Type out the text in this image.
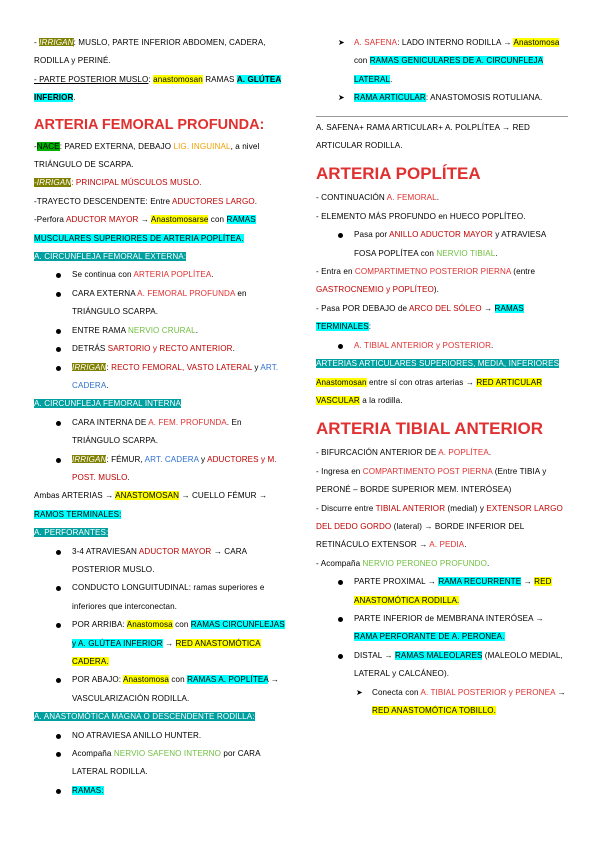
- IRRIGAN: MUSLO, PARTE INFERIOR ABDOMEN, CADERA, RODILLA y PERINÉ.

- PARTE POSTERIOR MUSLO: anastomosan RAMAS A. GLÚTEA INFERIOR.

ARTERIA FEMORAL PROFUNDA:

-NACE: PARED EXTERNA, DEBAJO LIG. INGUINAL, a nivel TRIÁNGULO DE SCARPA.

-IRRIGAN: PRINCIPAL MÚSCULOS MUSLO.

-TRAYECTO DESCENDENTE: Entre ADUCTORES LARGO.

-Perfora ADUCTOR MAYOR → Anastomosarse con RAMAS MUSCULARES SUPERIORES DE ARTERIA POPLÍTEA.

A. CIRCUNFLEJA FEMORAL EXTERNA:

Se continua con ARTERIA POPLÍTEA.

CARA EXTERNA A. FEMORAL PROFUNDA en TRIÁNGULO SCARPA.

ENTRE RAMA NERVIO CRURAL.

DETRÁS SARTORIO y RECTO ANTERIOR.

IRRIGAN: RECTO FEMORAL, VASTO LATERAL y ART. CADERA.

A. CIRCUNFLEJA FEMORAL INTERNA

CARA INTERNA DE A. FEM. PROFUNDA. En TRIÁNGULO SCARPA.

IRRIGAN: FÉMUR, ART. CADERA y ADUCTORES y M. POST. MUSLO.

Ambas ARTERIAS → ANASTOMOSAN → CUELLO FÉMUR → RAMOS TERMINALES:

A. PERFORANTES:

3-4 ATRAVIESAN ADUCTOR MAYOR → CARA POSTERIOR MUSLO.

CONDUCTO LONGUITUDINAL: ramas superiores e inferiores que interconectan.

POR ARRIBA: Anastomosa con RAMAS CIRCUNFLEJAS y A. GLÚTEA INFERIOR → RED ANASTOMÓTICA CADERA.

POR ABAJO: Anastomosa con RAMAS A. POPLÍTEA → VASCULARIZACIÓN RODILLA.

A. ANASTOMÓTICA MAGNA O DESCENDENTE RODILLA:

NO ATRAVIESA ANILLO HUNTER.

Acompaña NERVIO SAFENO INTERNO por CARA LATERAL RODILLA.

RAMAS:

➤ A. SAFENA: LADO INTERNO RODILLA → Anastomosa con RAMAS GENICULARES DE A. CIRCUNFLEJA LATERAL.

➤ RAMA ARTICULAR: ANASTOMOSIS ROTULIANA.

A. SAFENA+ RAMA ARTICULAR+ A. POLPLÍTEA → RED ARTICULAR RODILLA.

ARTERIA POPLÍTEA

- CONTINUACIÓN A. FEMORAL.

- ELEMENTO MÁS PROFUNDO en HUECO POPLÍTEO.

Pasa por ANILLO ADUCTOR MAYOR y ATRAVIESA FOSA POPLÍTEA con NERVIO TIBIAL.

- Entra en COMPARTIMETNO POSTERIOR PIERNA (entre GASTROCNEMIO y POPLÍTEO).

- Pasa POR DEBAJO de ARCO DEL SÓLEO → RAMAS TERMINALES:

A. TIBIAL ANTERIOR y POSTERIOR.

ARTERIAS ARTICULARES SUPERIORES, MEDIA, INFERIORES

Anastomosan entre sí con otras arterias → RED ARTICULAR VASCULAR a la rodilla.

ARTERIA TIBIAL ANTERIOR

- BIFURCACIÓN ANTERIOR DE A. POPLÍTEA.

- Ingresa en COMPARTIMENTO POST PIERNA (Entre TIBIA y PERONÉ – BORDE SUPERIOR MEM. INTERÓSEA)

- Discurre entre TIBIAL ANTERIOR (medial) y EXTENSOR LARGO DEL DEDO GORDO (lateral) → BORDE INFERIOR DEL RETINÁCULO EXTENSOR → A. PEDIA.

- Acompaña NERVIO PERONEO PROFUNDO.

PARTE PROXIMAL → RAMA RECURRENTE → RED ANASTOMÓTICA RODILLA.

PARTE INFERIOR de MEMBRANA INTERÓSEA → RAMA PERFORANTE DE A. PERONEA.

DISTAL → RAMAS MALEOLARES (MALEOLO MEDIAL, LATERAL y CALCÁNEO).

➤ Conecta con A. TIBIAL POSTERIOR y PERONEA → RED ANASTOMÓTICA TOBILLO.
